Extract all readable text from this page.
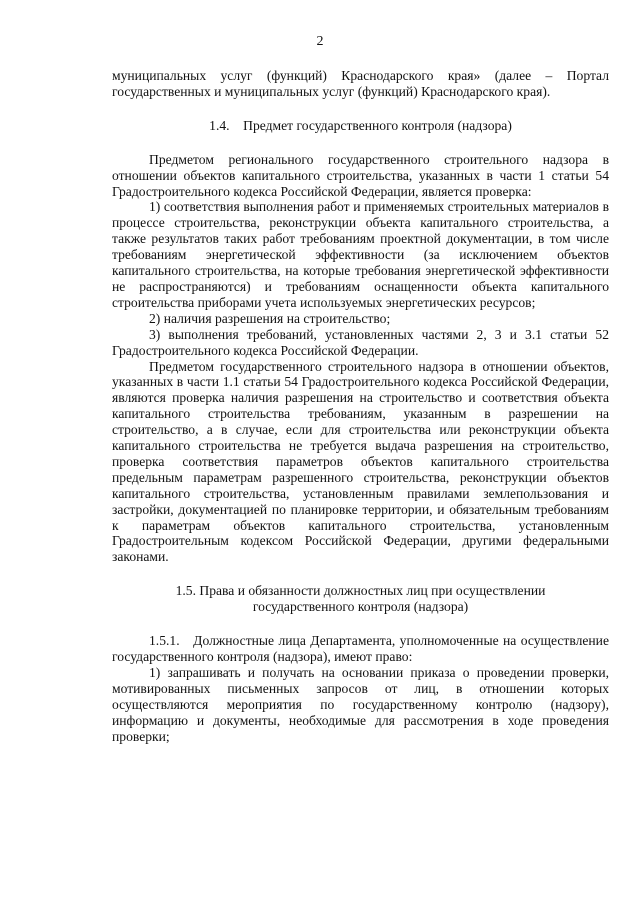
2

муниципальных услуг (функций) Краснодарского края» (далее – Портал государственных и муниципальных услуг (функций) Краснодарского края).

1.4. Предмет государственного контроля (надзора)

Предметом регионального государственного строительного надзора в отношении объектов капитального строительства, указанных в части 1 статьи 54 Градостроительного кодекса Российской Федерации, является проверка:

1) соответствия выполнения работ и применяемых строительных материалов в процессе строительства, реконструкции объекта капитального строительства, а также результатов таких работ требованиям проектной документации, в том числе требованиям энергетической эффективности (за исключением объектов капитального строительства, на которые требования энергетической эффективности не распространяются) и требованиям оснащенности объекта капитального строительства приборами учета используемых энергетических ресурсов;

2) наличия разрешения на строительство;

3) выполнения требований, установленных частями 2, 3 и 3.1 статьи 52 Градостроительного кодекса Российской Федерации.

Предметом государственного строительного надзора в отношении объектов, указанных в части 1.1 статьи 54 Градостроительного кодекса Российской Федерации, являются проверка наличия разрешения на строительство и соответствия объекта капитального строительства требованиям, указанным в разрешении на строительство, а в случае, если для строительства или реконструкции объекта капитального строительства не требуется выдача разрешения на строительство, проверка соответствия параметров объектов капитального строительства предельным параметрам разрешенного строительства, реконструкции объектов капитального строительства, установленным правилами землепользования и застройки, документацией по планировке территории, и обязательным требованиям к параметрам объектов капитального строительства, установленным Градостроительным кодексом Российской Федерации, другими федеральными законами.

1.5. Права и обязанности должностных лиц при осуществлении государственного контроля (надзора)

1.5.1. Должностные лица Департамента, уполномоченные на осуществление государственного контроля (надзора), имеют право:

1) запрашивать и получать на основании приказа о проведении проверки, мотивированных письменных запросов от лиц, в отношении которых осуществляются мероприятия по государственному контролю (надзору), информацию и документы, необходимые для рассмотрения в ходе проведения проверки;
